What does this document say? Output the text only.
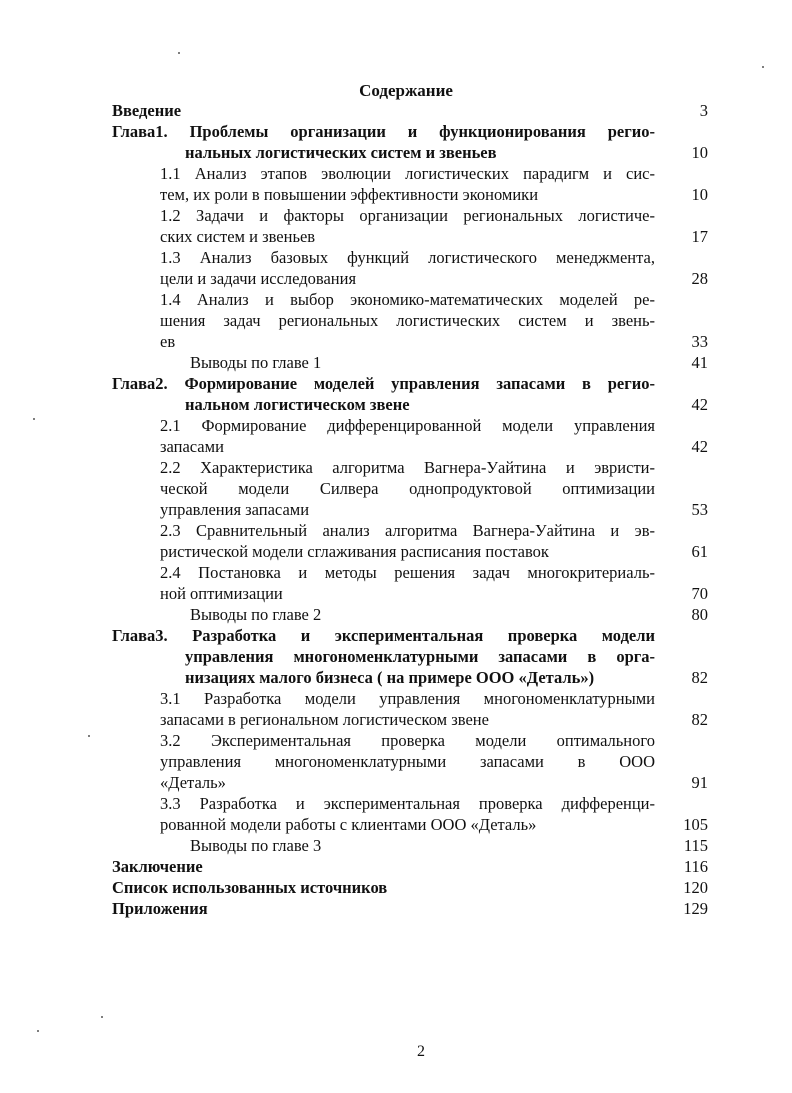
Содержание
Введение	3
Глава1. Проблемы организации и функционирования регио-
нальных логистических систем и звеньев	10
1.1 Анализ этапов эволюции логистических парадигм и сис-
тем, их роли в повышении эффективности экономики	10
1.2 Задачи и факторы организации региональных логистиче-
ских систем и звеньев	17
1.3 Анализ базовых функций логистического менеджмента,
цели и задачи исследования	28
1.4 Анализ и выбор экономико-математических моделей ре-
шения задач региональных логистических систем и звень-
ев	33
Выводы по главе 1	41
Глава2. Формирование моделей управления запасами в регио-
нальном логистическом звене	42
2.1 Формирование дифференцированной модели управления
запасами	42
2.2 Характеристика алгоритма Вагнера-Уайтина и эвристи-
ческой модели Силвера однопродуктовой оптимизации
управления запасами	53
2.3 Сравнительный анализ алгоритма Вагнера-Уайтина и эв-
ристической модели сглаживания расписания поставок	61
2.4 Постановка и методы решения задач многокритериаль-
ной оптимизации	70
Выводы по главе 2	80
Глава3. Разработка и экспериментальная проверка модели
управления многономенклатурными запасами в орга-
низациях малого бизнеса ( на примере ООО «Деталь»)	82
3.1 Разработка модели управления многономенклатурными
запасами в региональном логистическом звене	82
3.2 Экспериментальная проверка модели оптимального
управления многономенклатурными запасами в ООО
«Деталь»	91
3.3 Разработка и экспериментальная проверка дифференци-
рованной модели работы с клиентами ООО «Деталь»	105
Выводы по главе 3	115
Заключение	116
Список использованных источников	120
Приложения	129
2
